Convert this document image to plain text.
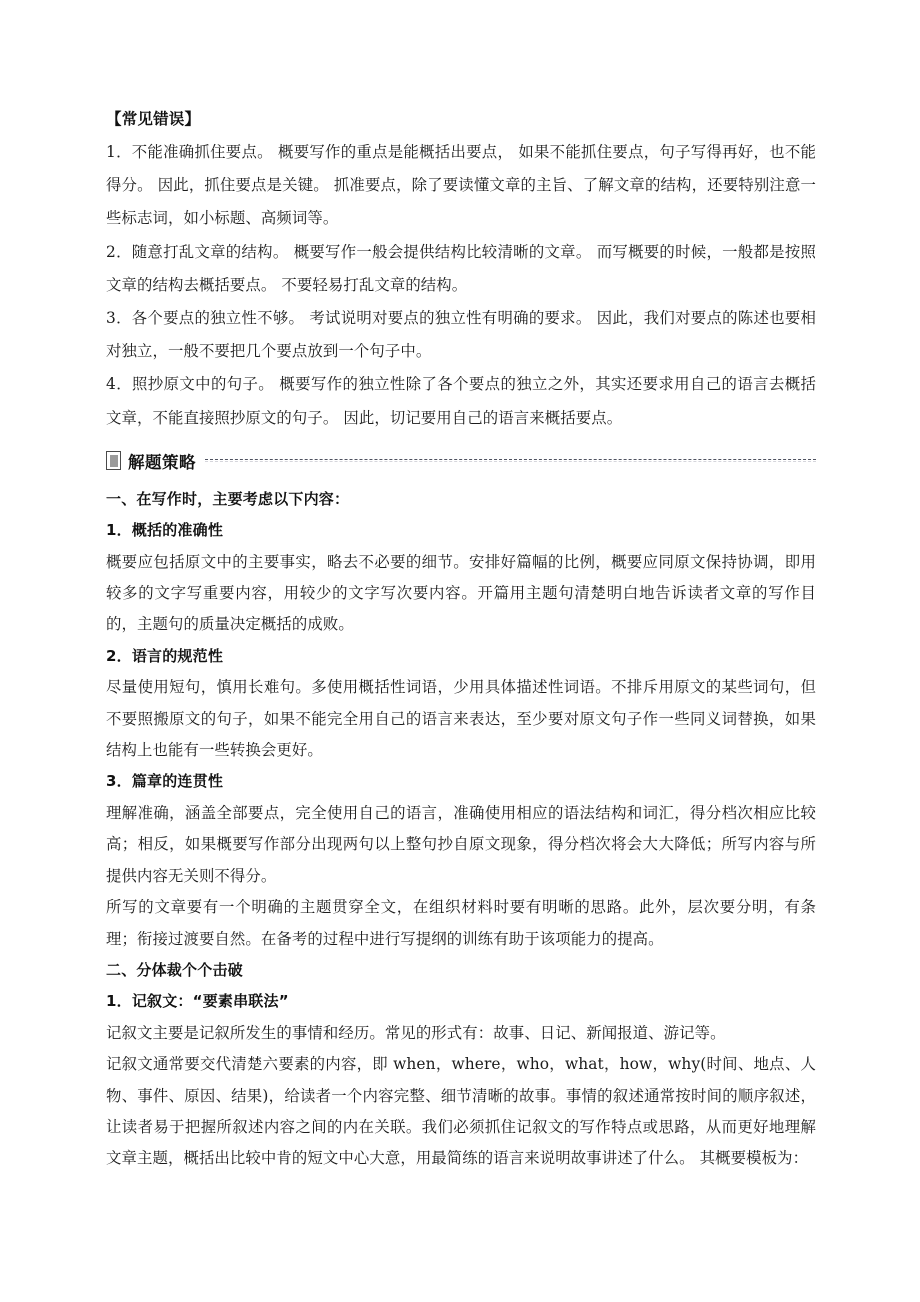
【常见错误】

1．不能准确抓住要点。 概要写作的重点是能概括出要点， 如果不能抓住要点，句子写得再好，也不能得分。 因此，抓住要点是关键。 抓准要点，除了要读懂文章的主旨、了解文章的结构，还要特别注意一些标志词，如小标题、高频词等。

2．随意打乱文章的结构。 概要写作一般会提供结构比较清晰的文章。 而写概要的时候，一般都是按照文章的结构去概括要点。 不要轻易打乱文章的结构。

3．各个要点的独立性不够。 考试说明对要点的独立性有明确的要求。 因此，我们对要点的陈述也要相对独立，一般不要把几个要点放到一个句子中。

4．照抄原文中的句子。 概要写作的独立性除了各个要点的独立之外，其实还要求用自己的语言去概括文章，不能直接照抄原文的句子。 因此，切记要用自己的语言来概括要点。

解题策略
一、在写作时，主要考虑以下内容：
1．概括的准确性

概要应包括原文中的主要事实，略去不必要的细节。安排好篇幅的比例，概要应同原文保持协调，即用较多的文字写重要内容，用较少的文字写次要内容。开篇用主题句清楚明白地告诉读者文章的写作目的，主题句的质量决定概括的成败。

2．语言的规范性

尽量使用短句，慎用长难句。多使用概括性词语，少用具体描述性词语。不排斥用原文的某些词句，但不要照搬原文的句子，如果不能完全用自己的语言来表达，至少要对原文句子作一些同义词替换，如果结构上也能有一些转换会更好。

3．篇章的连贯性

理解准确，涵盖全部要点，完全使用自己的语言，准确使用相应的语法结构和词汇，得分档次相应比较高；相反，如果概要写作部分出现两句以上整句抄自原文现象，得分档次将会大大降低；所写内容与所提供内容无关则不得分。

所写的文章要有一个明确的主题贯穿全文，在组织材料时要有明晰的思路。此外，层次要分明，有条理；衔接过渡要自然。在备考的过程中进行写提纲的训练有助于该项能力的提高。

二、分体裁个个击破
1．记叙文：“要素串联法”

记叙文主要是记叙所发生的事情和经历。常见的形式有：故事、日记、新闻报道、游记等。

记叙文通常要交代清楚六要素的内容，即 when，where，who，what，how，why(时间、地点、人物、事件、原因、结果)，给读者一个内容完整、细节清晰的故事。事情的叙述通常按时间的顺序叙述，让读者易于把握所叙述内容之间的内在关联。我们必须抓住记叙文的写作特点或思路，从而更好地理解文章主题，概括出比较中肯的短文中心大意，用最简练的语言来说明故事讲述了什么。 其概要模板为：
